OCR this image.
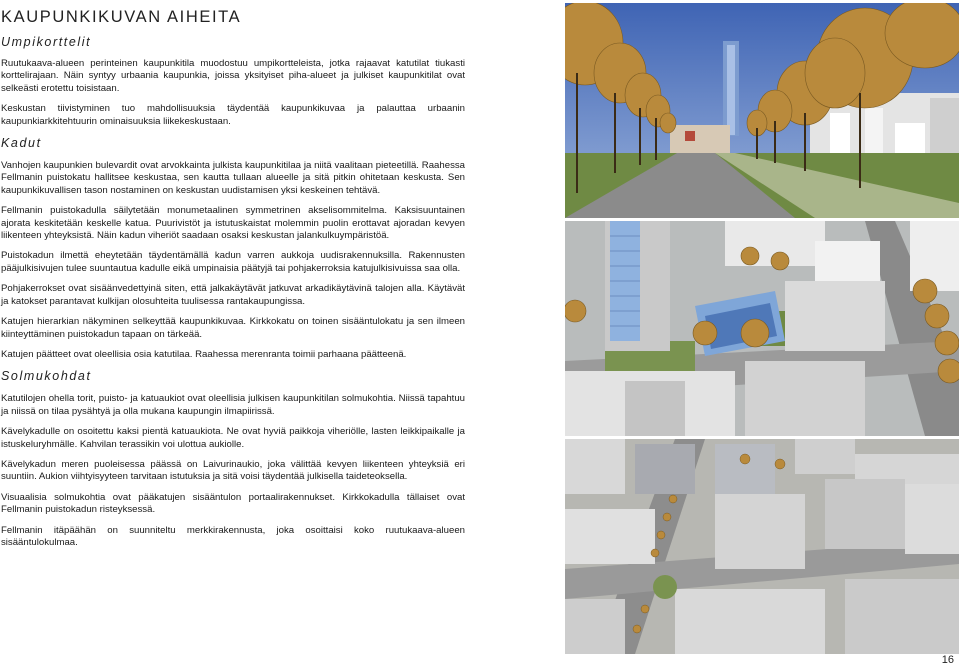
KAUPUNKIKUVAN AIHEITA
Umpikorttelit

Ruutukaava-alueen perinteinen kaupunkitila muodostuu umpikortteleista, jotka rajaavat katutilat tiukasti korttelirajaan. Näin syntyy urbaania kaupunkia, joissa yksityiset piha-alueet ja julkiset kaupunkitilat ovat selkeästi erotettu toisistaan.

Keskustan tiivistyminen tuo mahdollisuuksia täydentää kaupunkikuvaa ja palauttaa urbaanin kaupunkiarkkitehtuurin ominaisuuksia liikekeskustaan.

Kadut

Vanhojen kaupunkien bulevardit ovat arvokkainta julkista kaupunkitilaa ja niitä vaalitaan pieteetillä. Raahessa Fellmanin puistokatu hallitsee keskustaa, sen kautta tullaan alueelle ja sitä pitkin ohitetaan keskusta. Sen kaupunkikuvallisen tason nostaminen on keskustan uudistamisen yksi keskeinen tehtävä.

Fellmanin puistokadulla säilytetään monumetaalinen symmetrinen akselisommitelma. Kaksisuuntainen ajorata keskitetään keskelle katua. Puurivistöt ja istutuskaistat molemmin puolin erottavat ajoradan kevyen liikenteen yhteyksistä. Näin kadun viheriöt saadaan osaksi keskustan jalankulkuympäristöä.

Puistokadun ilmettä eheytetään täydentämällä kadun varren aukkoja uudisrakennuksilla. Rakennusten pääjulkisivujen tulee suuntautua kadulle eikä umpinaisia päätyjä tai pohjakerroksia katujulkisivuissa saa olla.

Pohjakerrokset ovat sisäänvedettyinä siten, että jalkakäytävät jatkuvat arkadikäytävinä talojen alla. Käytävät ja katokset parantavat kulkijan olosuhteita tuulisessa rantakaupungissa.

Katujen hierarkian näkyminen selkeyttää kaupunkikuvaa. Kirkkokatu on toinen sisääntulokatu ja sen ilmeen kiinteyttäminen puistokadun tapaan on tärkeää.

Katujen päätteet ovat oleellisia osia katutilaa. Raahessa merenranta toimii parhaana päätteenä.

Solmukohdat

Katutilojen ohella torit, puisto- ja katuaukiot ovat oleellisia julkisen kaupunkitilan solmukohtia. Niissä tapahtuu ja niissä on tilaa pysähtyä ja olla mukana kaupungin ilmapiirissä.

Kävelykadulle on osoitettu kaksi pientä katuaukiota. Ne ovat hyviä paikkoja viheriölle, lasten leikkipaikalle ja istuskeluryhmälle. Kahvilan terassikin voi ulottua aukiolle.

Kävelykadun meren puoleisessa päässä on Laivurinaukio, joka välittää kevyen liikenteen yhteyksiä eri suuntiin. Aukion viihtyisyyteen tarvitaan istutuksia ja sitä voisi täydentää julkisella taideteoksella.

Visuaalisia solmukohtia ovat pääkatujen sisääntulon portaalirakennukset. Kirkkokadulla tällaiset ovat Fellmanin puistokadun risteyksessä.

Fellmanin itäpäähän on suunniteltu merkkirakennusta, joka osoittaisi koko ruutukaava-alueen sisääntulokulmaa.

16
